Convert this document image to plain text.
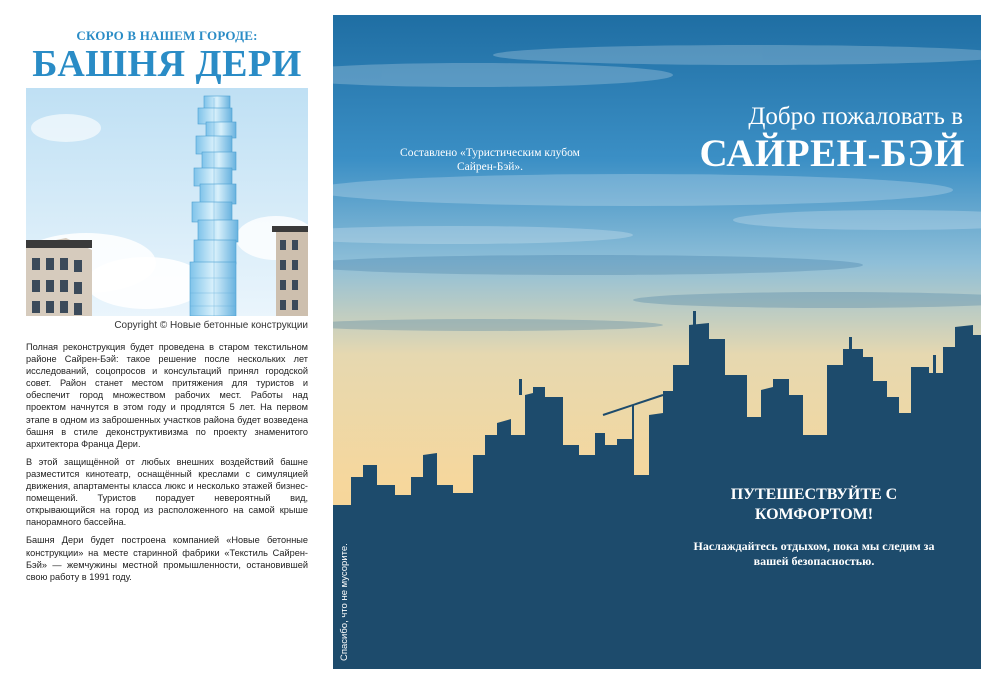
СКОРО В НАШЕМ ГОРОДЕ:
БАШНЯ ДЕРИ
Copyright © Новые бетонные конструкции

Полная реконструкция будет проведена в старом текстильном районе Сайрен-Бэй: такое решение после нескольких лет исследований, соцопросов и консультаций принял городской совет. Район станет местом притяжения для туристов и обеспечит город множеством рабочих мест. Работы над проектом начнутся в этом году и продлятся 5 лет. На первом этапе в одном из заброшенных участков района будет возведена башня в стиле деконструктивизма по проекту знаменитого архитектора Франца Дери.

В этой защищённой от любых внешних воздействий башне разместится кинотеатр, оснащённый креслами с симуляцией движения, апартаменты класса люкс и несколько этажей бизнес-помещений. Туристов порадует невероятный вид, открывающийся на город из расположенного на самой крыше панорамного бассейна.

Башня Дери будет построена компанией «Новые бетонные конструкции» на месте старинной фабрики «Текстиль Сайрен-Бэй» — жемчужины местной промышленности, остановившей свою работу в 1991 году.

Составлено «Туристическим клубом Сайрен-Бэй».
Добро пожаловать в
САЙРЕН-БЭЙ
ПУТЕШЕСТВУЙТЕ С КОМФОРТОМ!
Наслаждайтесь отдыхом, пока мы следим за вашей безопасностью.
Спасибо, что не мусорите.
